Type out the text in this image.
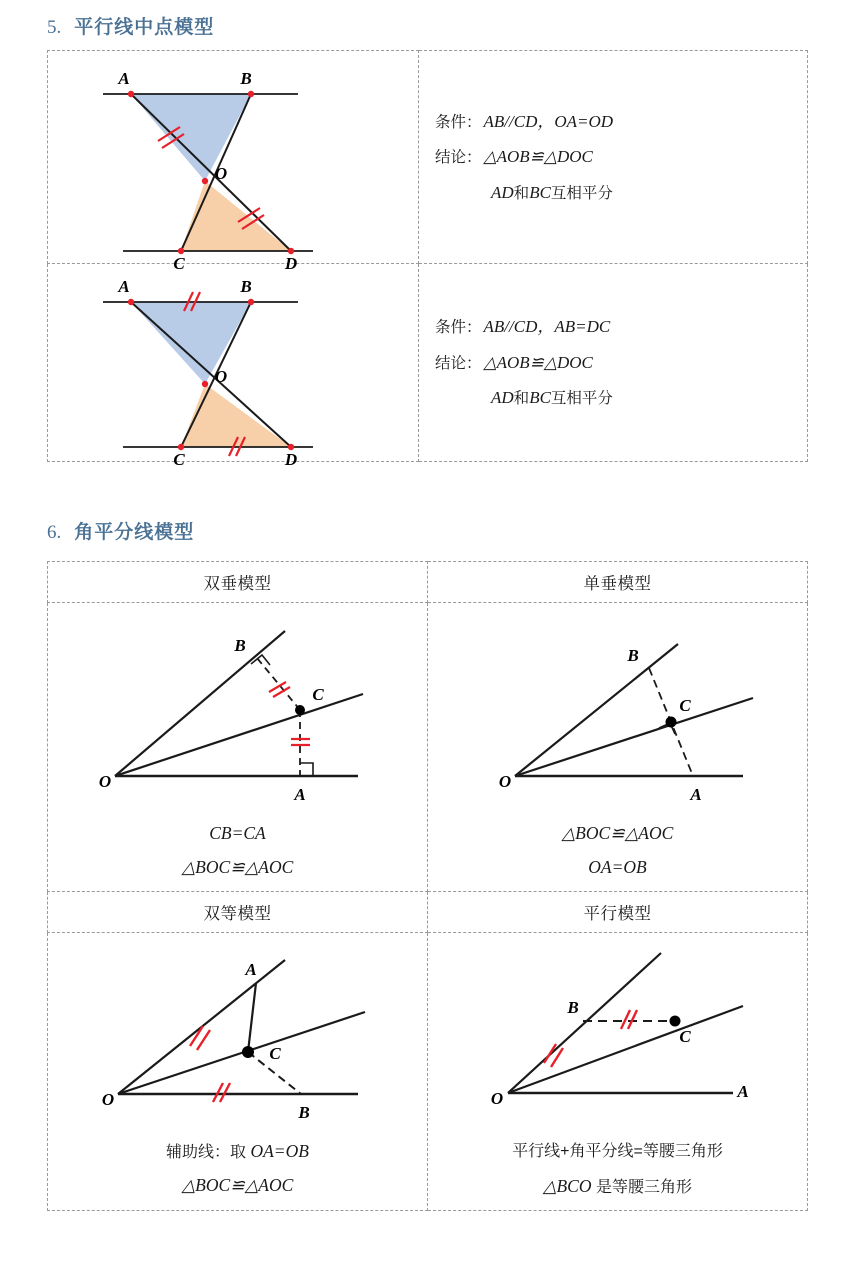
5. 平行线中点模型
A	B
O
C	D

条件： AB//CD，OA=OD
结论： △AOB≌△DOC
AD 和 BC 互相平分

A	B
O
C	D

条件： AB//CD，AB=DC
结论： △AOB≌△DOC
AD 和 BC 互相平分
6. 角平分线模型
双垂模型	单垂模型

O
A
B
C
CB=CA
△BOC≌△AOC

O
A
B
C
△BOC≌△AOC
OA=OB

双等模型	平行模型

O
B
A
C
辅助线：取 OA=OB
△BOC≌△AOC

O	A
B
C
平行线+角平分线=等腰三角形
△BCO 是等腰三角形
